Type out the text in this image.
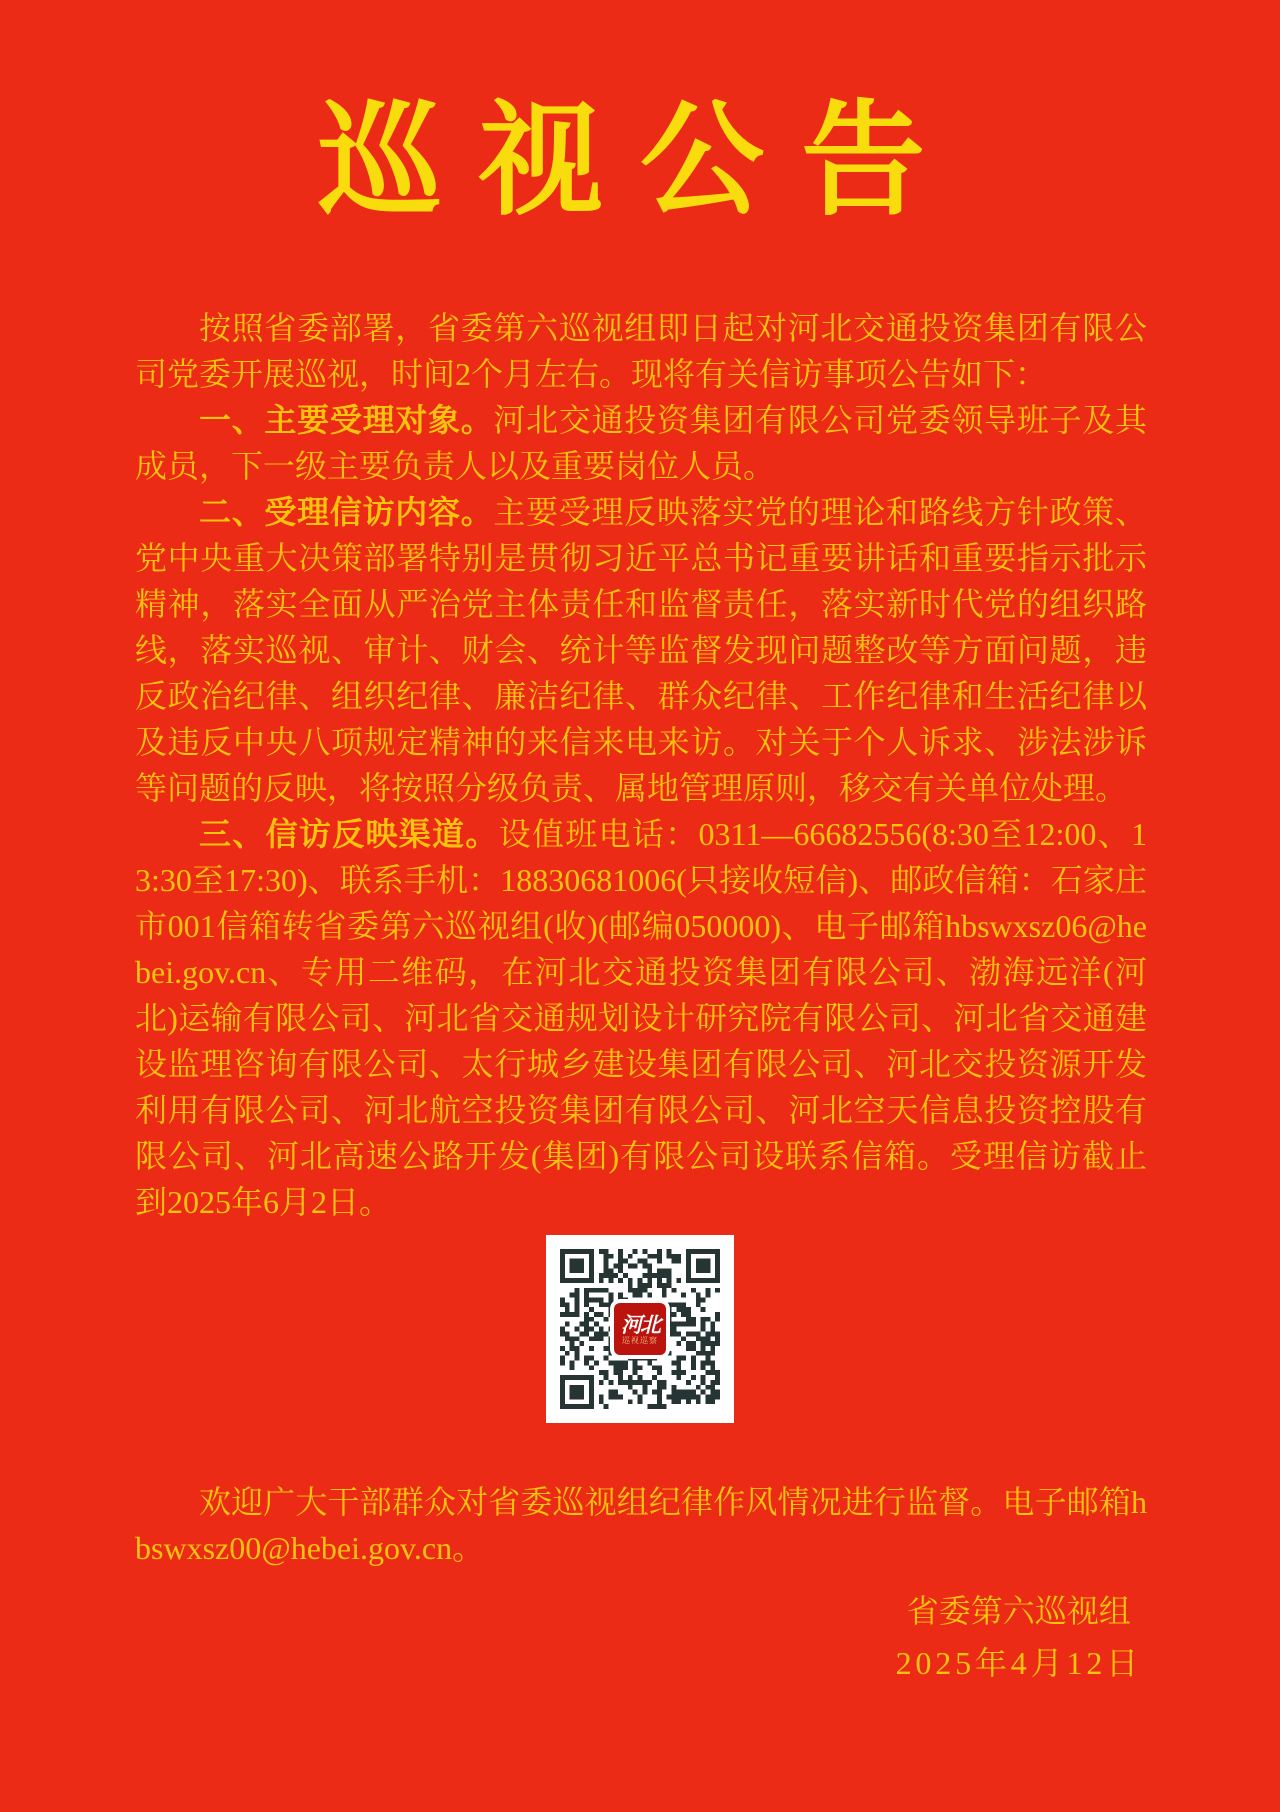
巡视公告

按照省委部署，省委第六巡视组即日起对河北交通投资集团有限公司党委开展巡视，时间2个月左右。现将有关信访事项公告如下：

一、主要受理对象。河北交通投资集团有限公司党委领导班子及其成员，下一级主要负责人以及重要岗位人员。

二、受理信访内容。主要受理反映落实党的理论和路线方针政策、党中央重大决策部署特别是贯彻习近平总书记重要讲话和重要指示批示精神，落实全面从严治党主体责任和监督责任，落实新时代党的组织路线，落实巡视、审计、财会、统计等监督发现问题整改等方面问题，违反政治纪律、组织纪律、廉洁纪律、群众纪律、工作纪律和生活纪律以及违反中央八项规定精神的来信来电来访。对关于个人诉求、涉法涉诉等问题的反映，将按照分级负责、属地管理原则，移交有关单位处理。

三、信访反映渠道。设值班电话：0311—66682556(8:30至12:00、13:30至17:30)、联系手机：18830681006(只接收短信)、邮政信箱：石家庄市001信箱转省委第六巡视组(收)(邮编050000)、电子邮箱hbswxsz06@hebei.gov.cn、专用二维码，在河北交通投资集团有限公司、渤海远洋(河北)运输有限公司、河北省交通规划设计研究院有限公司、河北省交通建设监理咨询有限公司、太行城乡建设集团有限公司、河北交投资源开发利用有限公司、河北航空投资集团有限公司、河北空天信息投资控股有限公司、河北高速公路开发(集团)有限公司设联系信箱。受理信访截止到2025年6月2日。

河北
巡视巡察
欢迎广大干部群众对省委巡视组纪律作风情况进行监督。电子邮箱hbswxsz00@hebei.gov.cn。
省委第六巡视组
2025年4月12日
